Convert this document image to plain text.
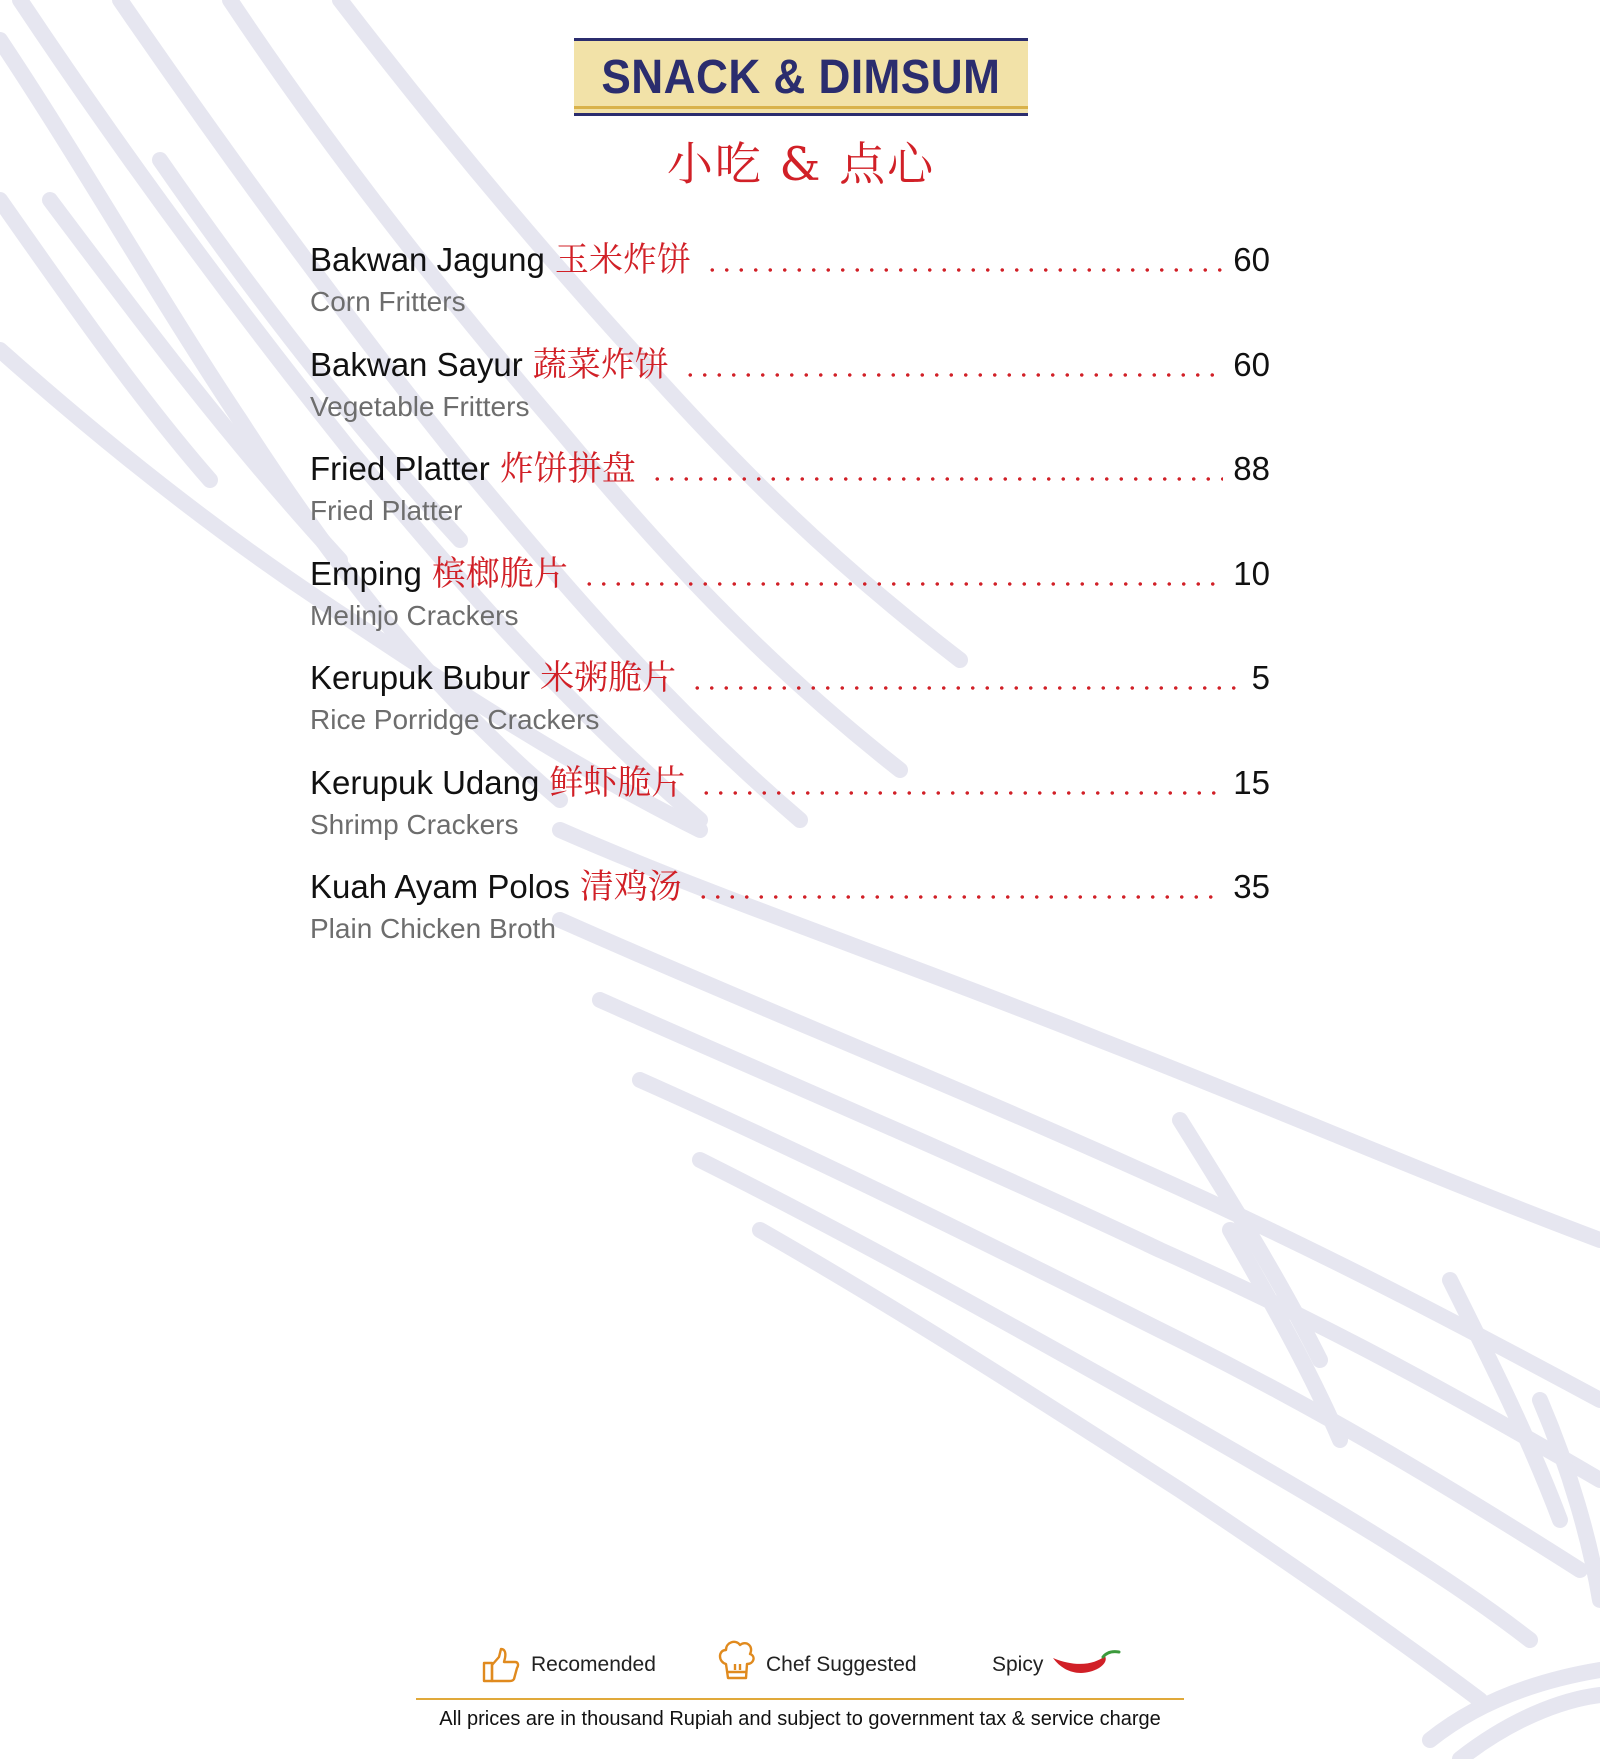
SNACK & DIMSUM
小吃 & 点心
Bakwan Jagung 玉米炸饼	60
Corn Fritters
Bakwan Sayur 蔬菜炸饼	60
Vegetable Fritters
Fried Platter 炸饼拼盘	88
Fried Platter
Emping 槟榔脆片	10
Melinjo Crackers
Kerupuk Bubur 米粥脆片	5
Rice Porridge Crackers
Kerupuk Udang 鲜虾脆片	15
Shrimp Crackers
Kuah Ayam Polos 清鸡汤	35
Plain Chicken Broth
Recomended	Chef Suggested	Spicy
All prices are in thousand Rupiah and subject to government tax & service charge
